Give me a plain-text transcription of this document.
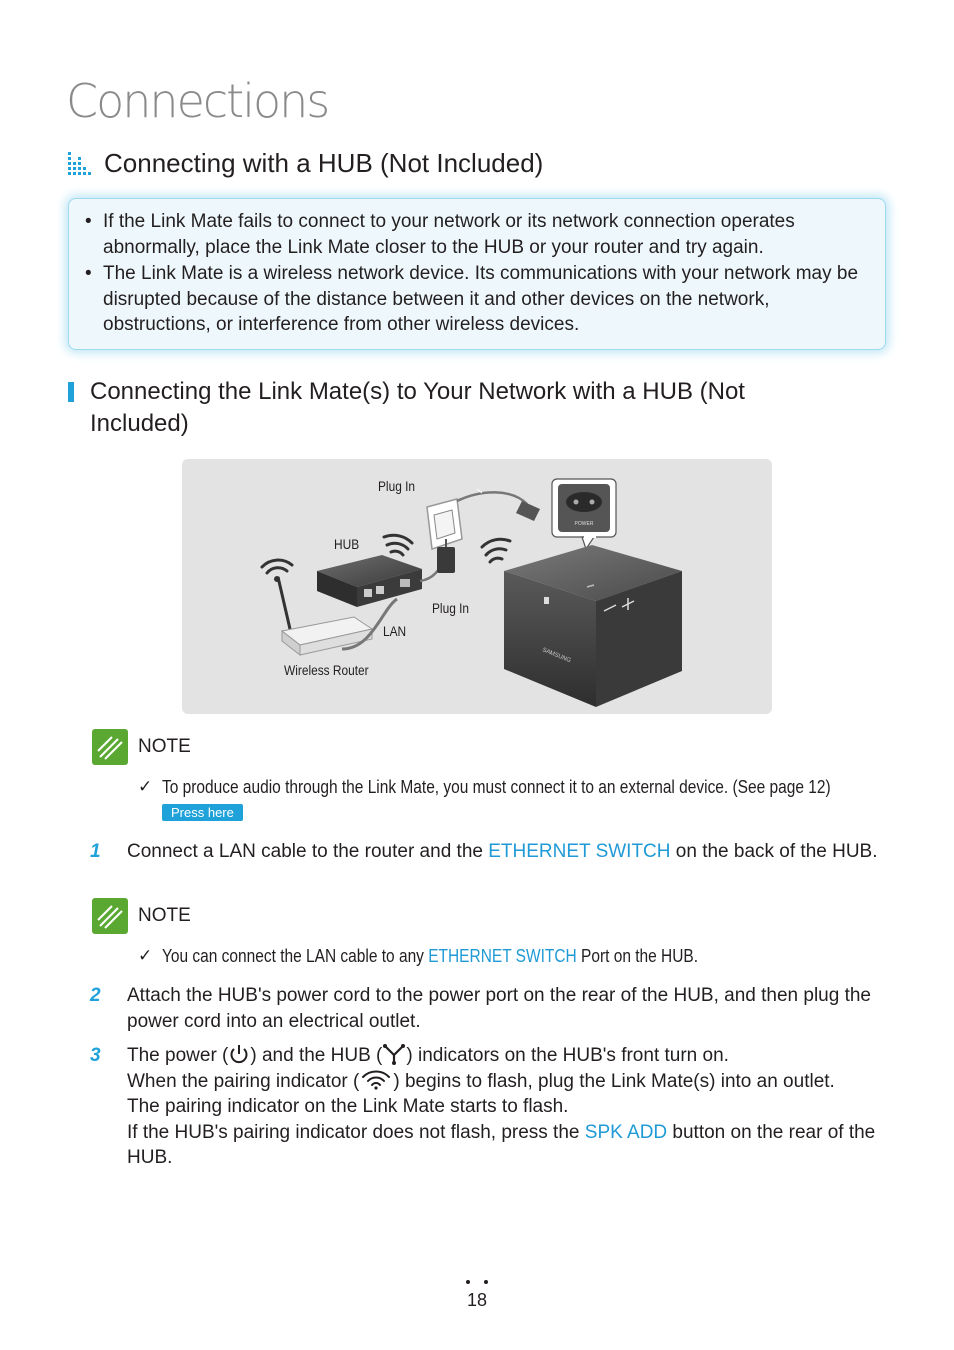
Connections
Connecting with a HUB (Not Included)
• If the Link Mate fails to connect to your network or its network connection operates abnormally, place the Link Mate closer to the HUB or your router and try again.
• The Link Mate is a wireless network device. Its communications with your network may be disrupted because of the distance between it and other devices on the network, obstructions, or interference from other wireless devices.
Connecting the Link Mate(s) to Your Network with a HUB (Not Included)
POWER
SAMSUNG
Plug In
HUB
Plug In
LAN
Wireless Router
NOTE
✓ To produce audio through the Link Mate, you must connect it to an external device. (See page 12)
Press here
1	Connect a LAN cable to the router and the ETHERNET SWITCH on the back of the HUB.
NOTE
✓ You can connect the LAN cable to any ETHERNET SWITCH Port on the HUB.
2	Attach the HUB's power cord to the power port on the rear of the HUB, and then plug the power cord into an electrical outlet.
3	The power ( ) and the HUB ( ) indicators on the HUB's front turn on.
When the pairing indicator ( ) begins to flash, plug the Link Mate(s) into an outlet.
The pairing indicator on the Link Mate starts to flash.
If the HUB's pairing indicator does not flash, press the SPK ADD button on the rear of the HUB.
18
